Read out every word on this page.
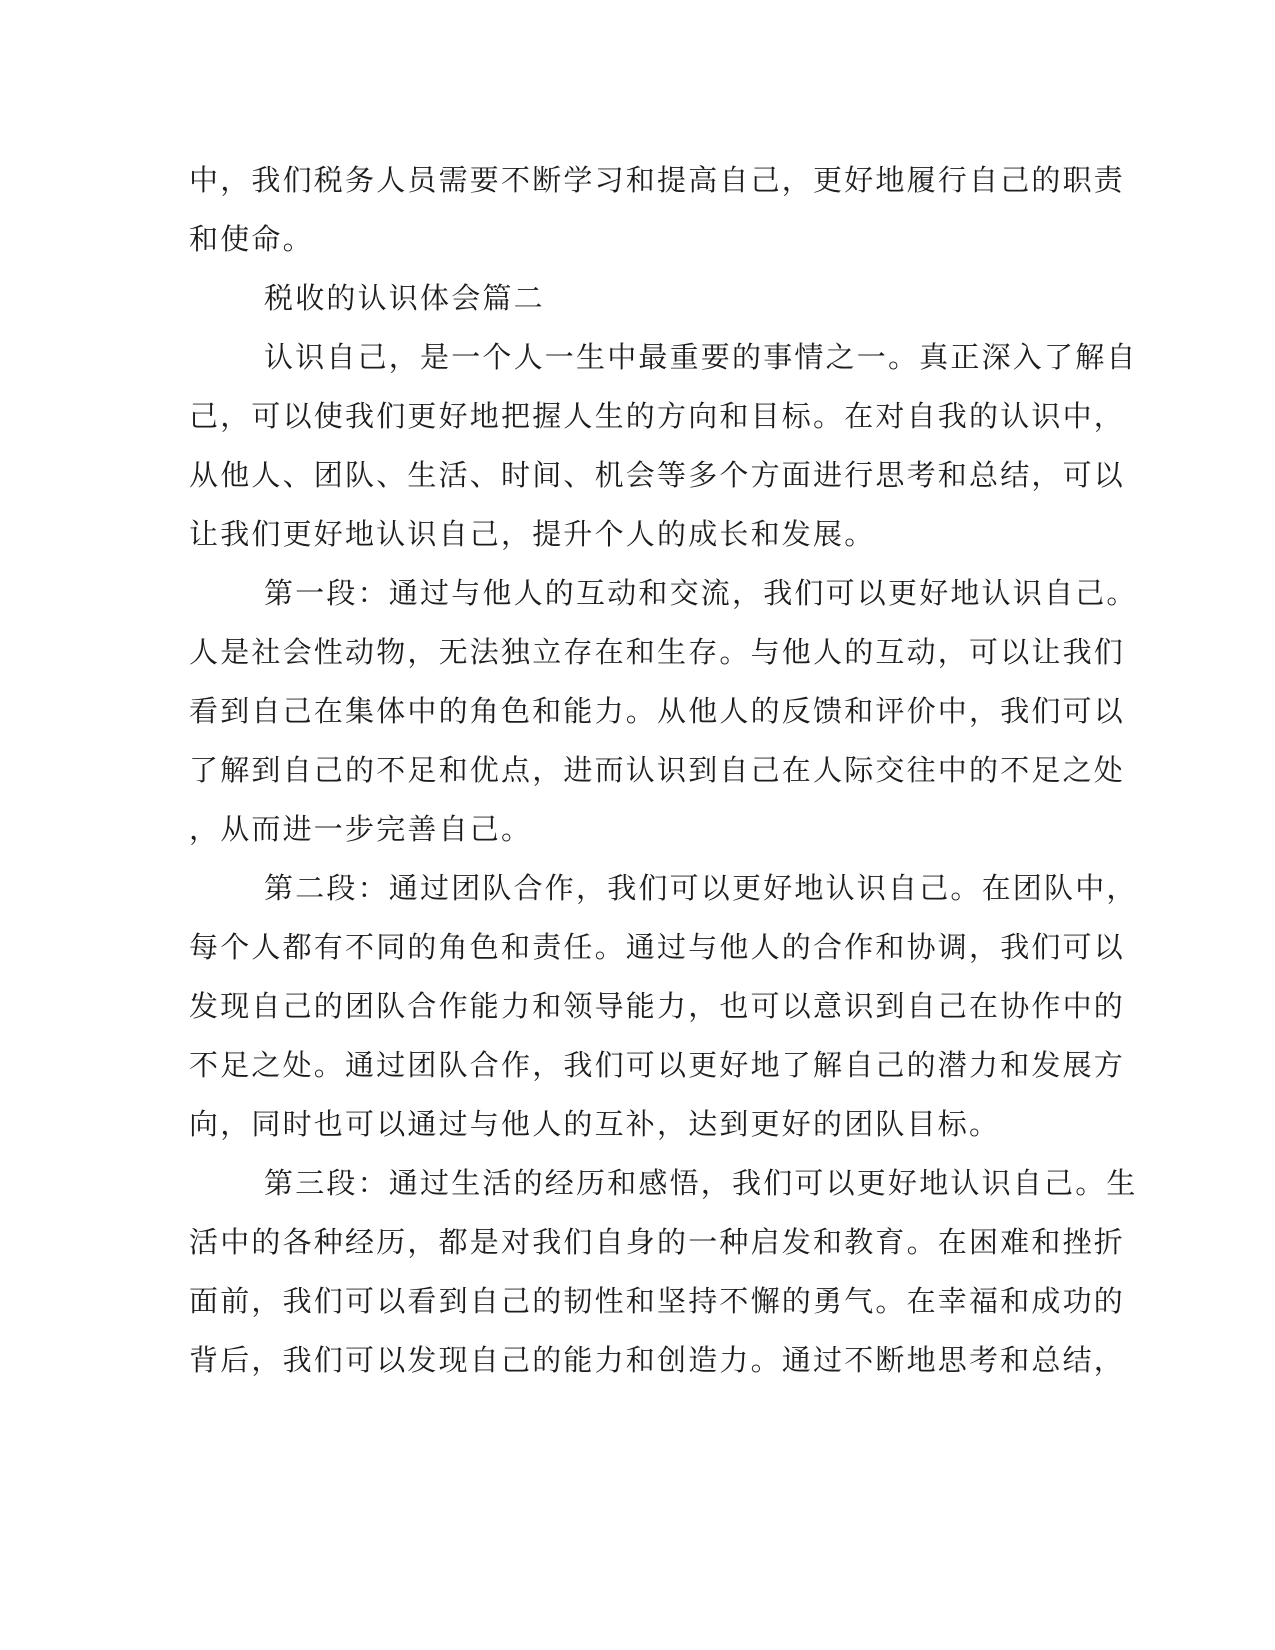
中，我们税务人员需要不断学习和提高自己，更好地履行自己的职责
和使命。
税收的认识体会篇二
认识自己，是一个人一生中最重要的事情之一。真正深入了解自
己，可以使我们更好地把握人生的方向和目标。在对自我的认识中，
从他人、团队、生活、时间、机会等多个方面进行思考和总结，可以
让我们更好地认识自己，提升个人的成长和发展。
第一段：通过与他人的互动和交流，我们可以更好地认识自己。
人是社会性动物，无法独立存在和生存。与他人的互动，可以让我们
看到自己在集体中的角色和能力。从他人的反馈和评价中，我们可以
了解到自己的不足和优点，进而认识到自己在人际交往中的不足之处
，从而进一步完善自己。
第二段：通过团队合作，我们可以更好地认识自己。在团队中，
每个人都有不同的角色和责任。通过与他人的合作和协调，我们可以
发现自己的团队合作能力和领导能力，也可以意识到自己在协作中的
不足之处。通过团队合作，我们可以更好地了解自己的潜力和发展方
向，同时也可以通过与他人的互补，达到更好的团队目标。
第三段：通过生活的经历和感悟，我们可以更好地认识自己。生
活中的各种经历，都是对我们自身的一种启发和教育。在困难和挫折
面前，我们可以看到自己的韧性和坚持不懈的勇气。在幸福和成功的
背后，我们可以发现自己的能力和创造力。通过不断地思考和总结，
